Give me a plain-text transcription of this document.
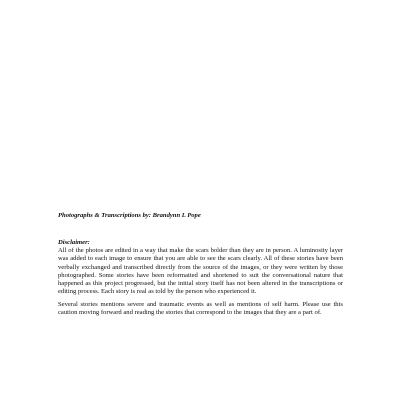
Photographs & Transcriptions by: Brandynn L Pope

Disclaimer:

All of the photos are edited in a way that make the scars bolder than they are in person. A luminosity layer was added to each image to ensure that you are able to see the scars clearly. All of these stories have been verbally exchanged and transcribed directly from the source of the images, or they were written by those photographed. Some stories have been reformatted and shortened to suit the conversational nature that happened as this project progressed, but the initial story itself has not been altered in the transcriptions or editing process. Each story is real as told by the person who experienced it.

Several stories mentions severe and traumatic events as well as mentions of self harm. Please use this caution moving forward and reading the stories that correspond to the images that they are a part of.
